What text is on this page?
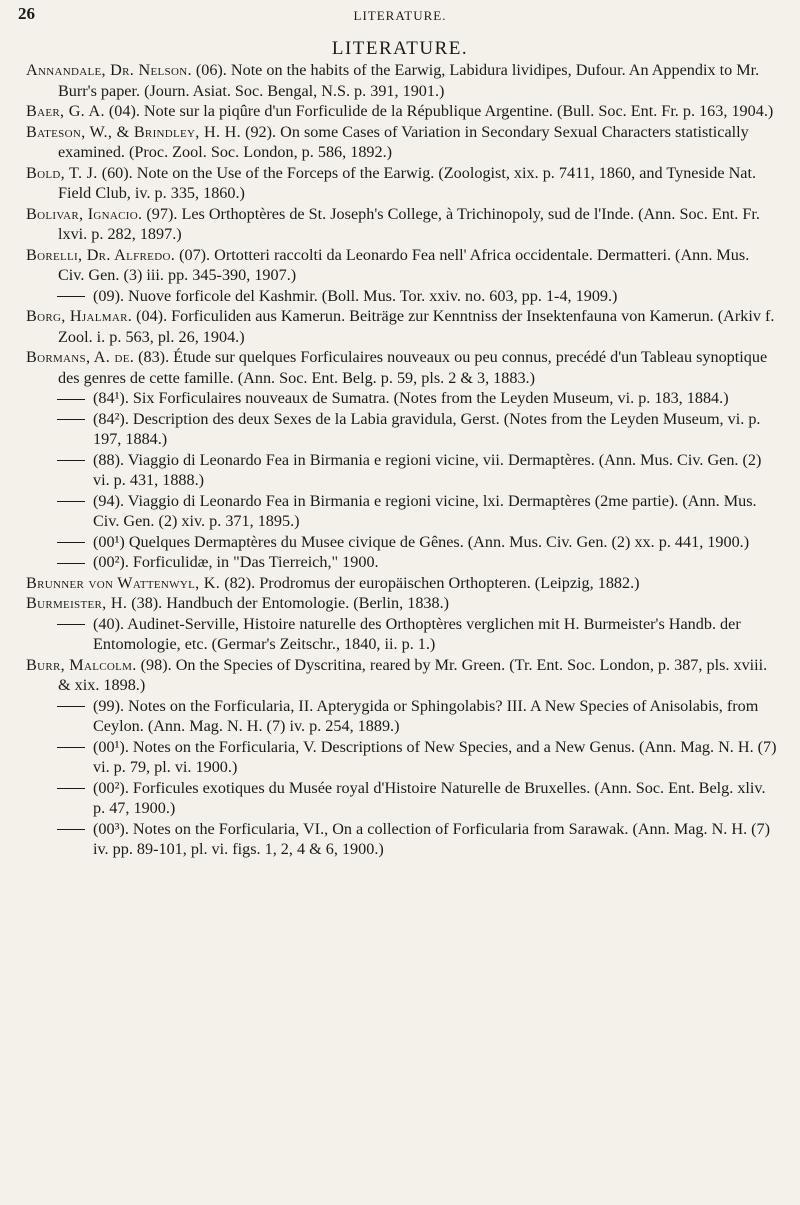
26	LITERATURE.
LITERATURE.

Annandale, Dr. Nelson. (06). Note on the habits of the Earwig, Labidura lividipes, Dufour. An Appendix to Mr. Burr's paper. (Journ. Asiat. Soc. Bengal, N.S. p. 391, 1901.)

Baer, G. A. (04). Note sur la piqûre d'un Forficulide de la République Argentine. (Bull. Soc. Ent. Fr. p. 163, 1904.)

Bateson, W., & Brindley, H. H. (92). On some Cases of Variation in Secondary Sexual Characters statistically examined. (Proc. Zool. Soc. London, p. 586, 1892.)

Bold, T. J. (60). Note on the Use of the Forceps of the Earwig. (Zoologist, xix. p. 7411, 1860, and Tyneside Nat. Field Club, iv. p. 335, 1860.)

Bolivar, Ignacio. (97). Les Orthoptères de St. Joseph's College, à Trichinopoly, sud de l'Inde. (Ann. Soc. Ent. Fr. lxvi. p. 282, 1897.)

Borelli, Dr. Alfredo. (07). Ortotteri raccolti da Leonardo Fea nell' Africa occidentale. Dermatteri. (Ann. Mus. Civ. Gen. (3) iii. pp. 345-390, 1907.)

(09). Nuove forficole del Kashmir. (Boll. Mus. Tor. xxiv. no. 603, pp. 1-4, 1909.)

Borg, Hjalmar. (04). Forficuliden aus Kamerun. Beiträge zur Kenntniss der Insektenfauna von Kamerun. (Arkiv f. Zool. i. p. 563, pl. 26, 1904.)

Bormans, A. de. (83). Étude sur quelques Forficulaires nouveaux ou peu connus, precédé d'un Tableau synoptique des genres de cette famille. (Ann. Soc. Ent. Belg. p. 59, pls. 2 & 3, 1883.)

(84¹). Six Forficulaires nouveaux de Sumatra. (Notes from the Leyden Museum, vi. p. 183, 1884.)

(84²). Description des deux Sexes de la Labia gravidula, Gerst. (Notes from the Leyden Museum, vi. p. 197, 1884.)

(88). Viaggio di Leonardo Fea in Birmania e regioni vicine, vii. Dermaptères. (Ann. Mus. Civ. Gen. (2) vi. p. 431, 1888.)

(94). Viaggio di Leonardo Fea in Birmania e regioni vicine, lxi. Dermaptères (2me partie). (Ann. Mus. Civ. Gen. (2) xiv. p. 371, 1895.)

(00¹) Quelques Dermaptères du Musee civique de Gênes. (Ann. Mus. Civ. Gen. (2) xx. p. 441, 1900.)

(00²). Forficulidæ, in "Das Tierreich," 1900.

Brunner von Wattenwyl, K. (82). Prodromus der europäischen Orthopteren. (Leipzig, 1882.)

Burmeister, H. (38). Handbuch der Entomologie. (Berlin, 1838.)

(40). Audinet-Serville, Histoire naturelle des Orthoptères verglichen mit H. Burmeister's Handb. der Entomologie, etc. (Germar's Zeitschr., 1840, ii. p. 1.)

Burr, Malcolm. (98). On the Species of Dyscritina, reared by Mr. Green. (Tr. Ent. Soc. London, p. 387, pls. xviii. & xix. 1898.)

(99). Notes on the Forficularia, II. Apterygida or Sphingolabis? III. A New Species of Anisolabis, from Ceylon. (Ann. Mag. N. H. (7) iv. p. 254, 1889.)

(00¹). Notes on the Forficularia, V. Descriptions of New Species, and a New Genus. (Ann. Mag. N. H. (7) vi. p. 79, pl. vi. 1900.)

(00²). Forficules exotiques du Musée royal d'Histoire Naturelle de Bruxelles. (Ann. Soc. Ent. Belg. xliv. p. 47, 1900.)

(00³). Notes on the Forficularia, VI., On a collection of Forficularia from Sarawak. (Ann. Mag. N. H. (7) iv. pp. 89-101, pl. vi. figs. 1, 2, 4 & 6, 1900.)
